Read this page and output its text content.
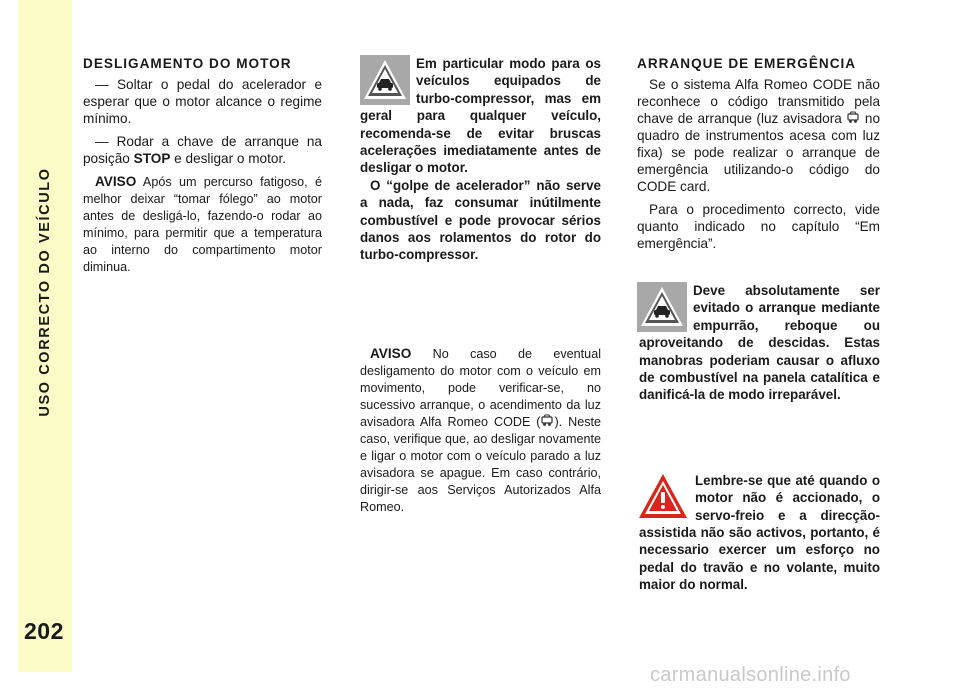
USO CORRECTO DO VEÍCULO
202

DESLIGAMENTO DO MOTOR

— Soltar o pedal do acelerador e esperar que o motor alcance o regime mínimo.

— Rodar a chave de arranque na posição STOP e desligar o motor.

AVISO Após um percurso fatigoso, é melhor deixar “tomar fólego” ao motor antes de desligá-lo, fazendo-o rodar ao mínimo, para permitir que a temperatura ao interno do compartimento motor diminua.

Em particular modo para os veículos equipados de turbo-compressor, mas em geral para qualquer veículo, recomenda-se de evitar bruscas acelerações imediatamente antes de desligar o motor.
O “golpe de acelerador” não serve a nada, faz consumar inútilmente combustível e pode provocar sérios danos aos rolamentos do rotor do turbo-compressor.

AVISO No caso de eventual desligamento do motor com o veículo em movimento, pode verificar-se, no sucessivo arranque, o acendimento da luz avisadora Alfa Romeo CODE ( ). Neste caso, verifique que, ao desligar novamente e ligar o motor com o veículo parado a luz avisadora se apague. Em caso contrário, dirigir-se aos Serviços Autorizados Alfa Romeo.

ARRANQUE DE EMERGÊNCIA

Se o sistema Alfa Romeo CODE não reconhece o código transmitido pela chave de arranque (luz avisadora  no quadro de instrumentos acesa com luz fixa) se pode realizar o arranque de emergência utilizando-o código do CODE card.

Para o procedimento correcto, vide quanto indicado no capítulo “Em emergência”.

Deve absolutamente ser evitado o arranque mediante empurrão, reboque ou aproveitando de descidas. Estas manobras poderiam causar o afluxo de combustível na panela catalítica e danificá-la de modo irreparável.
Lembre-se que até quando o motor não é accionado, o servo-freio e a direcção-assistida não são activos, portanto, é necessario exercer um esforço no pedal do travão e no volante, muito maior do normal.
carmanualsonline.info
